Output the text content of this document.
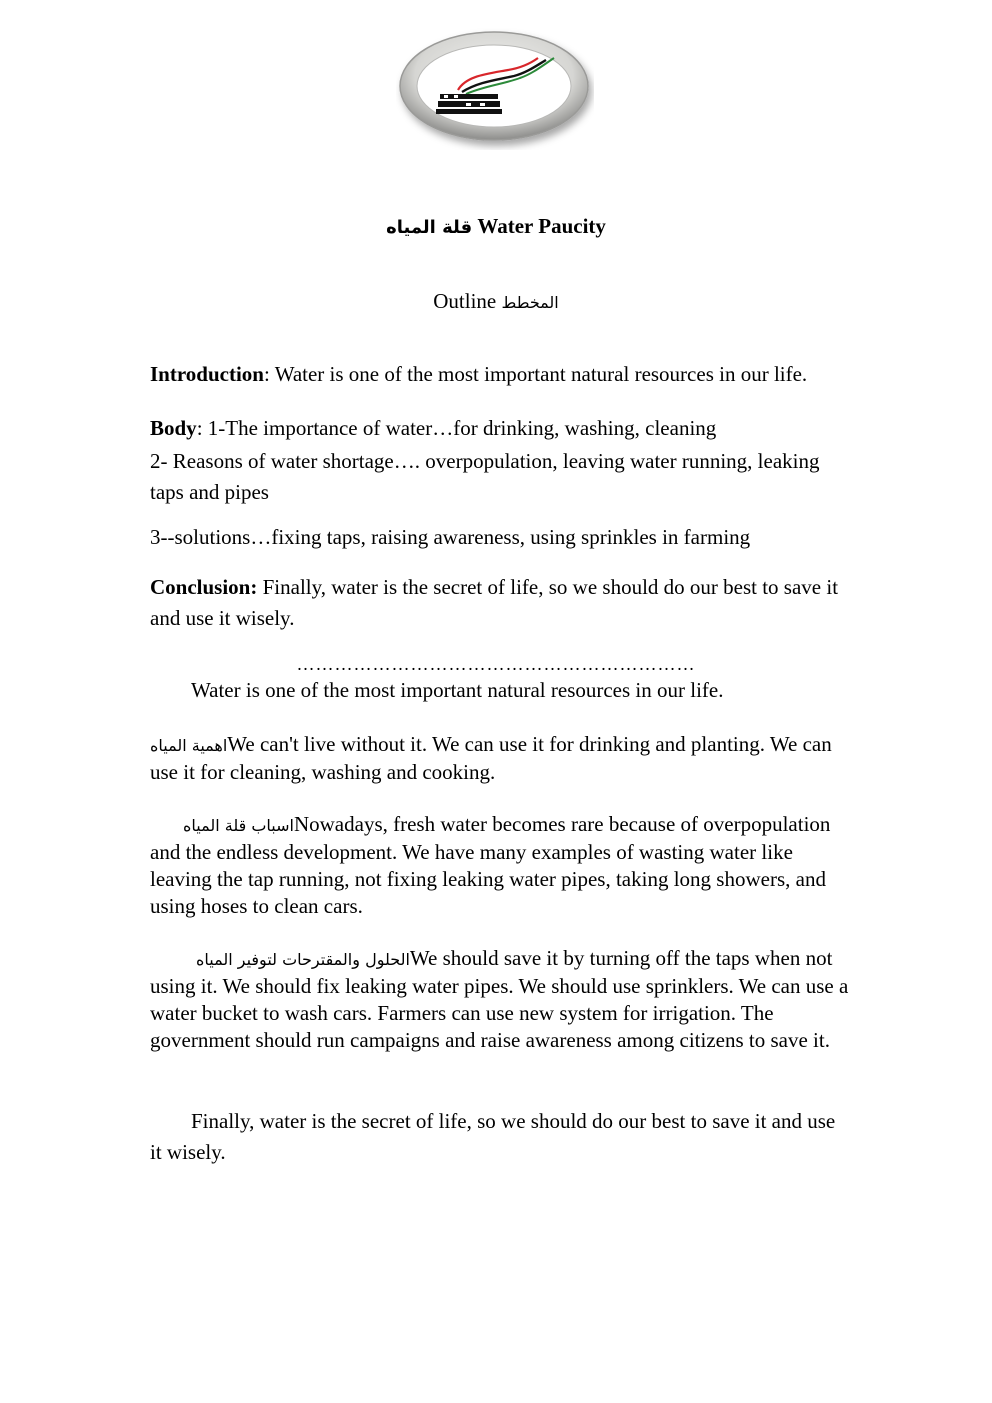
قلة المياه Water Paucity
Outline المخطط

Introduction: Water is one of the most important natural resources in our life.

Body: 1-The importance of water…for drinking, washing, cleaning

2- Reasons of water shortage…. overpopulation, leaving water running, leaking taps and pipes

3--solutions…fixing taps, raising awareness, using sprinkles in farming

Conclusion: Finally, water is the secret of life, so we should do our best to save it and use it wisely.

………………………………………………………

Water is one of the most important natural resources in our life.

اهمية المياهWe can't live without it. We can use it for drinking and planting. We can use it for cleaning, washing and cooking.

اسباب قلة المياهNowadays, fresh water becomes rare because of overpopulation and the endless development. We have many examples of wasting water like leaving the tap running, not fixing leaking water pipes, taking long showers, and using hoses to clean cars.

الحلول والمقترحات لتوفير المياهWe should save it by turning off the taps when not using it. We should fix leaking water pipes. We should use sprinklers. We can use a water bucket to wash cars. Farmers can use new system for irrigation. The government should run campaigns and raise awareness among citizens to save it.

Finally, water is the secret of life, so we should do our best to save it and use it wisely.
